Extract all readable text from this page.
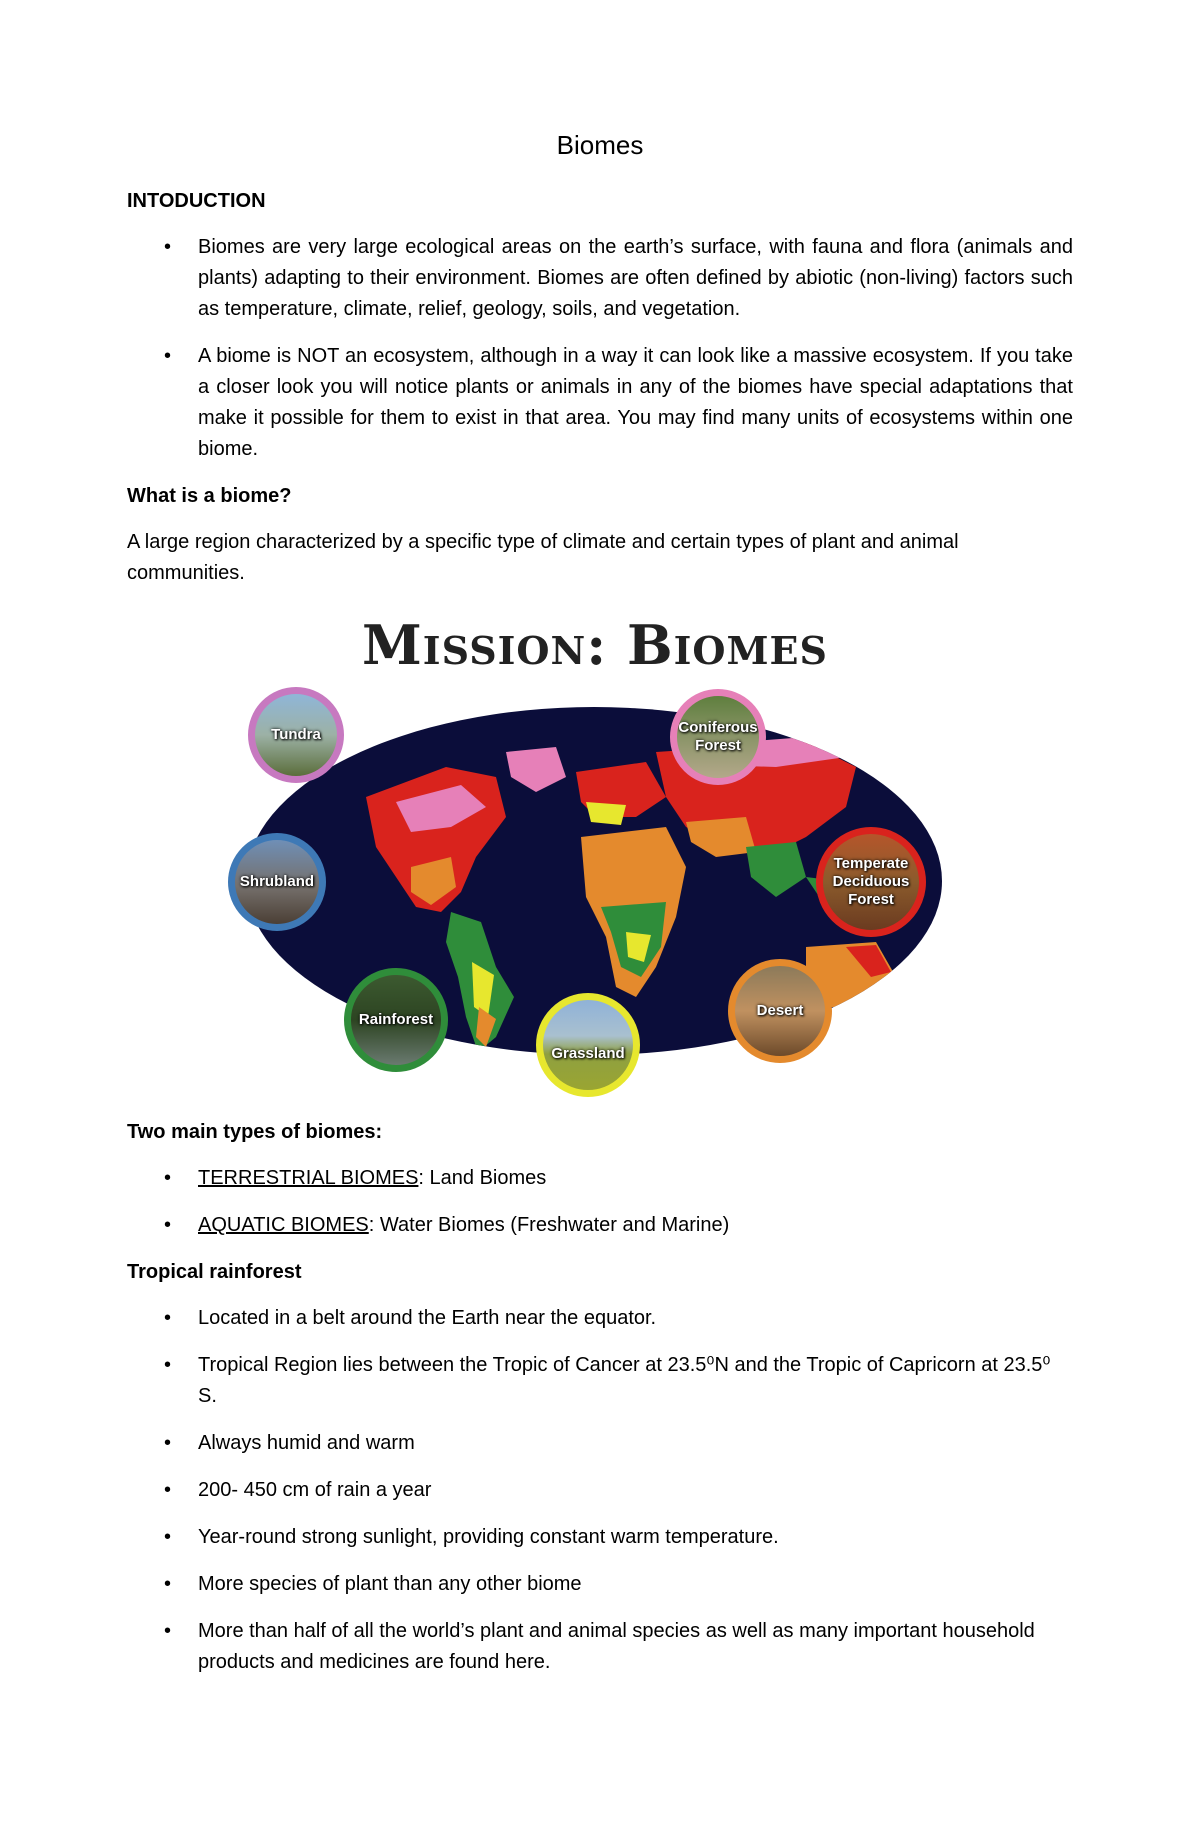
Biomes
INTODUCTION
• Biomes are very large ecological areas on the earth’s surface, with fauna and flora (animals and plants) adapting to their environment. Biomes are often defined by abiotic (non-living) factors such as temperature, climate, relief, geology, soils, and vegetation.
• A biome is NOT an ecosystem, although in a way it can look like a massive ecosystem. If you take a closer look you will notice plants or animals in any of the biomes have special adaptations that make it possible for them to exist in that area. You may find many units of ecosystems within one biome.
What is a biome?
A large region characterized by a specific type of climate and certain types of plant and animal communities.
Mission: Biomes
Tundra	Coniferous
Forest
Shrubland
Temperate
Deciduous
Forest
Rainforest
Grassland
Desert
Two main types of biomes:
• TERRESTRIAL BIOMES: Land Biomes
• AQUATIC BIOMES: Water Biomes (Freshwater and Marine)
Tropical rainforest
• Located in a belt around the Earth near the equator.
• Tropical Region lies between the Tropic of Cancer at 23.5⁰N and the Tropic of Capricorn at 23.5⁰ S.
• Always humid and warm
• 200- 450 cm of rain a year
• Year-round strong sunlight, providing constant warm temperature.
• More species of plant than any other biome
• More than half of all the world’s plant and animal species as well as many important household products and medicines are found here.
